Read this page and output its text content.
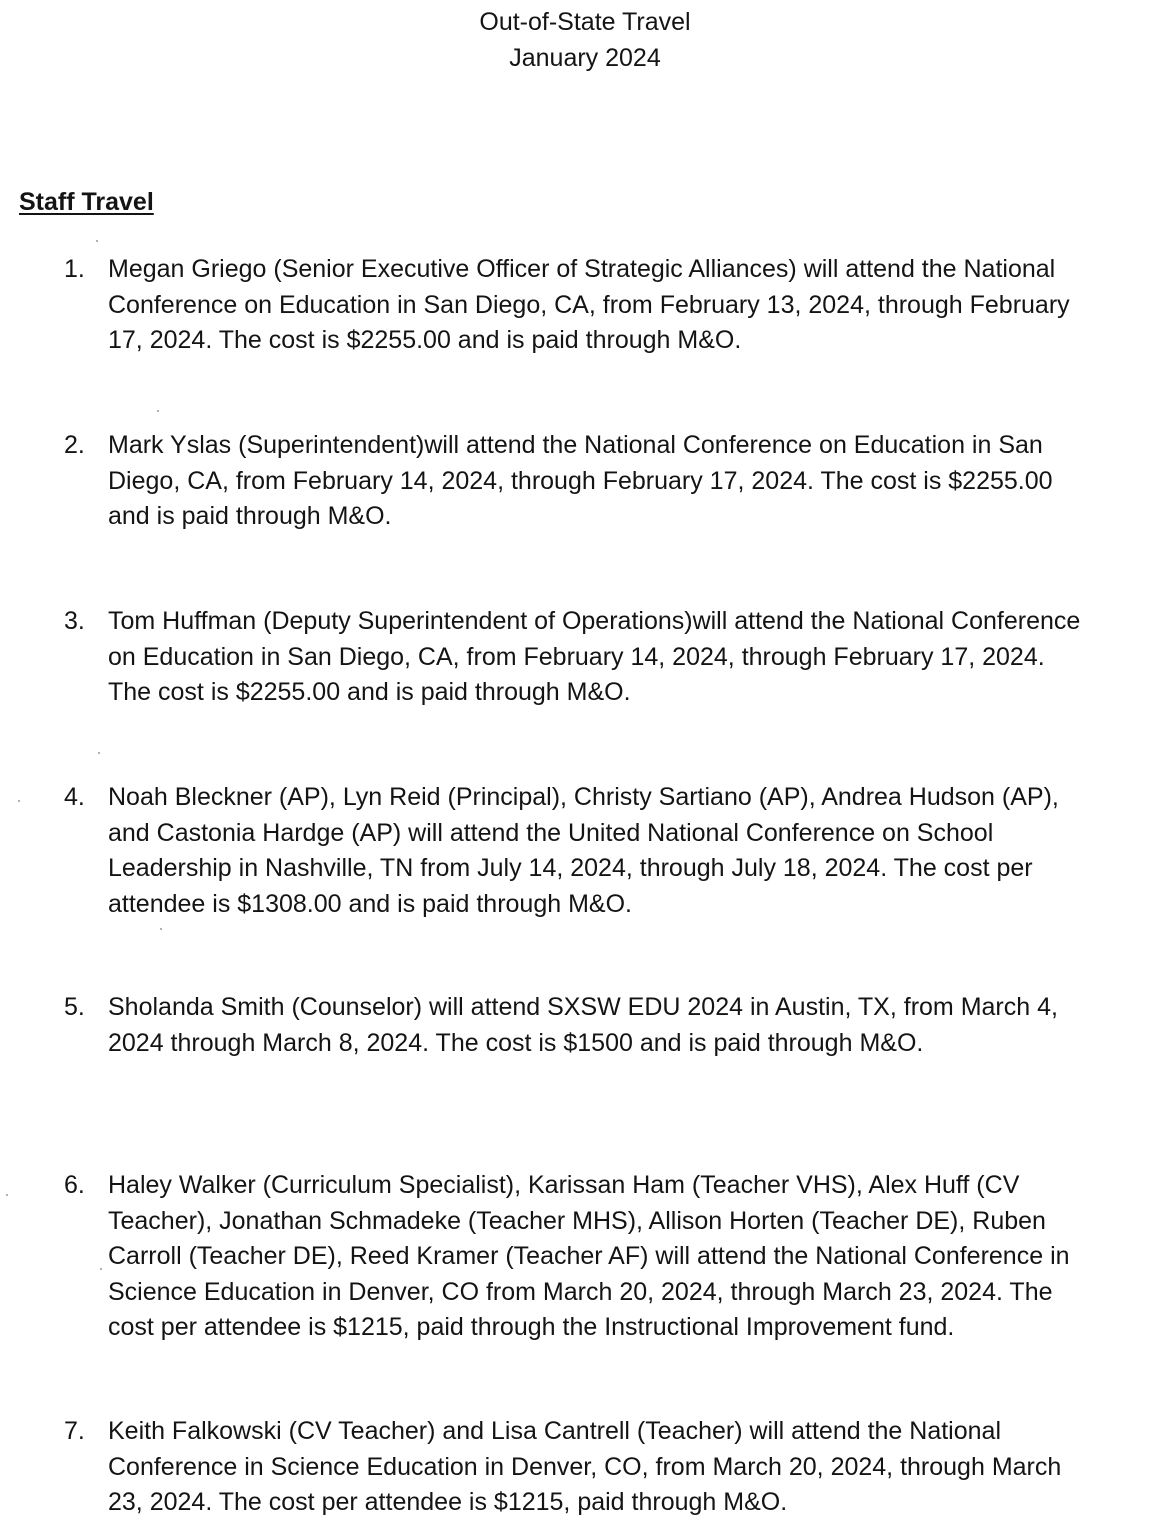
Out-of-State Travel
January 2024
Staff Travel
1. Megan Griego (Senior Executive Officer of Strategic Alliances) will attend the National
Conference on Education in San Diego, CA, from February 13, 2024, through February
17, 2024. The cost is $2255.00 and is paid through M&O.
2. Mark Yslas (Superintendent)will attend the National Conference on Education in San
Diego, CA, from February 14, 2024, through February 17, 2024. The cost is $2255.00
and is paid through M&O.
3. Tom Huffman (Deputy Superintendent of Operations)will attend the National Conference
on Education in San Diego, CA, from February 14, 2024, through February 17, 2024.
The cost is $2255.00 and is paid through M&O.
4. Noah Bleckner (AP), Lyn Reid (Principal), Christy Sartiano (AP), Andrea Hudson (AP),
and Castonia Hardge (AP) will attend the United National Conference on School
Leadership in Nashville, TN from July 14, 2024, through July 18, 2024. The cost per
attendee is $1308.00 and is paid through M&O.
5. Sholanda Smith (Counselor) will attend SXSW EDU 2024 in Austin, TX, from March 4,
2024 through March 8, 2024. The cost is $1500 and is paid through M&O.
6. Haley Walker (Curriculum Specialist), Karissan Ham (Teacher VHS), Alex Huff (CV
Teacher), Jonathan Schmadeke (Teacher MHS), Allison Horten (Teacher DE), Ruben
Carroll (Teacher DE), Reed Kramer (Teacher AF) will attend the National Conference in
Science Education in Denver, CO from March 20, 2024, through March 23, 2024. The
cost per attendee is $1215, paid through the Instructional Improvement fund.
7. Keith Falkowski (CV Teacher) and Lisa Cantrell (Teacher) will attend the National
Conference in Science Education in Denver, CO, from March 20, 2024, through March
23, 2024. The cost per attendee is $1215, paid through M&O.
